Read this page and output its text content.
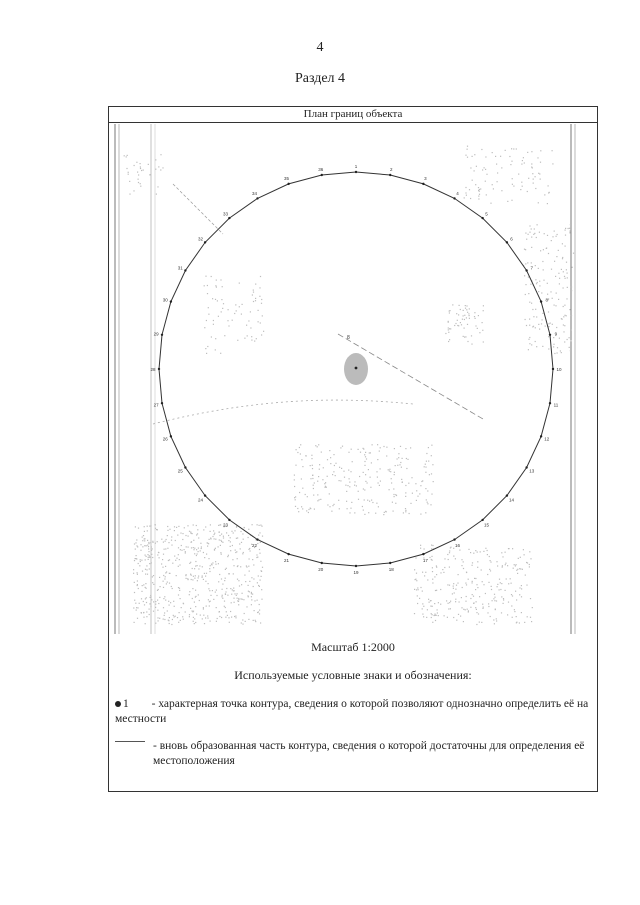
4
Раздел 4
План границ объекта
1
2
3
4
5
6
7
8
9
10
11
12
13
14
15
16
17
18
19
20
21
22
23
24
25
26
27
28
29
30
31
32
33
34
35
36
8
Масштаб 1:2000
Используемые условные знаки и обозначения:
1 - характерная точка контура, сведения о которой позволяют однозначно определить её на местности
- вновь образованная часть контура, сведения о которой достаточны для определения её местоположения
